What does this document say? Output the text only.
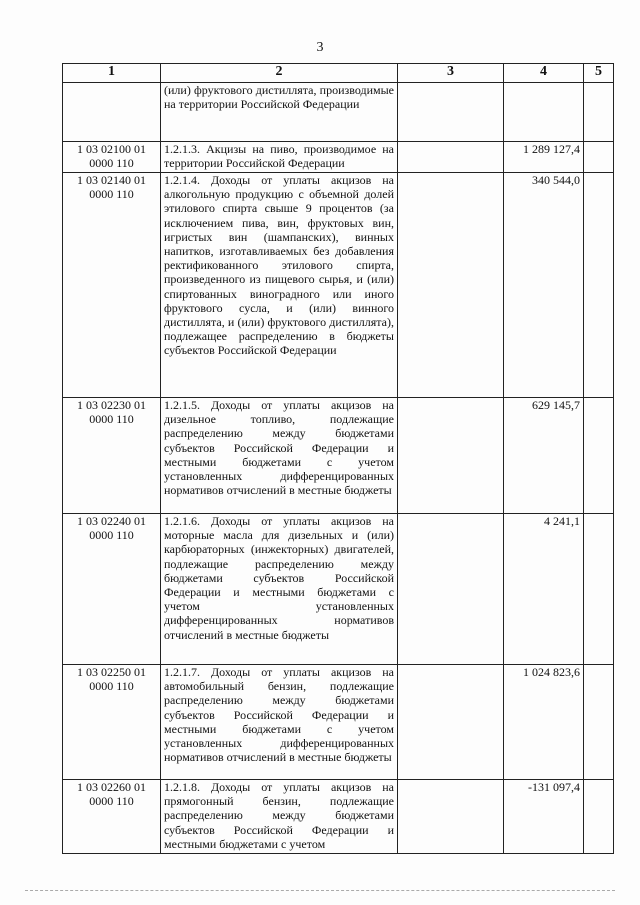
3
1	2	3	4	5
	(или) фруктового дистиллята, производимые на территории Российской Федерации			
1 03 02100 01 0000 110	1.2.1.3. Акцизы на пиво, производимое на территории Российской Федерации		1 289 127,4	
1 03 02140 01 0000 110	1.2.1.4. Доходы от уплаты акцизов на алкогольную продукцию с объемной долей этилового спирта свыше 9 процентов (за исключением пива, вин, фруктовых вин, игристых вин (шампанских), винных напитков, изготавливаемых без добавления ректификованного этилового спирта, произведенного из пищевого сырья, и (или) спиртованных виноградного или иного фруктового сусла, и (или) винного дистиллята, и (или) фруктового дистиллята), подлежащее распределению в бюджеты субъектов Российской Федерации		340 544,0	
1 03 02230 01 0000 110	1.2.1.5. Доходы от уплаты акцизов на дизельное топливо, подлежащие распределению между бюджетами субъектов Российской Федерации и местными бюджетами с учетом установленных дифференцированных нормативов отчислений в местные бюджеты		629 145,7	
1 03 02240 01 0000 110	1.2.1.6. Доходы от уплаты акцизов на моторные масла для дизельных и (или) карбюраторных (инжекторных) двигателей, подлежащие распределению между бюджетами субъектов Российской Федерации и местными бюджетами с учетом установленных дифференцированных нормативов отчислений в местные бюджеты		4 241,1	
1 03 02250 01 0000 110	1.2.1.7. Доходы от уплаты акцизов на автомобильный бензин, подлежащие распределению между бюджетами субъектов Российской Федерации и местными бюджетами с учетом установленных дифференцированных нормативов отчислений в местные бюджеты		1 024 823,6	
1 03 02260 01 0000 110	1.2.1.8. Доходы от уплаты акцизов на прямогонный бензин, подлежащие распределению между бюджетами субъектов Российской Федерации и местными бюджетами с учетом		-131 097,4	
